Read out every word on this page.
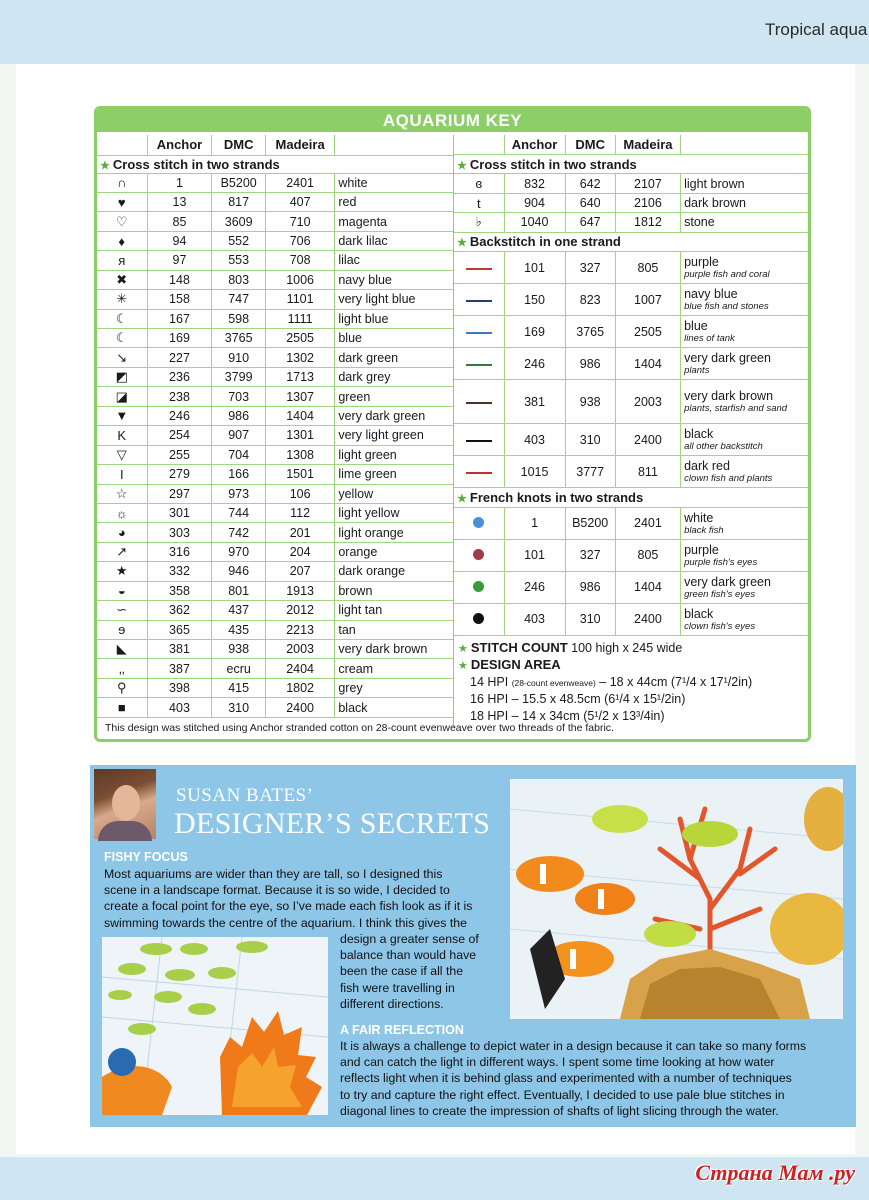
Tropical aqua
AQUARIUM KEY
	Anchor	DMC	Madeira	
★ Cross stitch in two strands				
∩	1	B5200	2401	white
♥	13	817	407	red
♡	85	3609	710	magenta
♦	94	552	706	dark lilac
я	97	553	708	lilac
✖	148	803	1006	navy blue
✳	158	747	1101	very light blue
☾	167	598	1111	light blue
☾	169	3765	2505	blue
↘	227	910	1302	dark green
◩	236	3799	1713	dark grey
◪	238	703	1307	green
▼	246	986	1404	very dark green
K	254	907	1301	very light green
▽	255	704	1308	light green
I	279	166	1501	lime green
☆	297	973	106	yellow
☼	301	744	112	light yellow
◕	303	742	201	light orange
↗	316	970	204	orange
★	332	946	207	dark orange
◒	358	801	1913	brown
∽	362	437	2012	light tan
ɘ	365	435	2213	tan
◣	381	938	2003	very dark brown
‚‚	387	ecru	2404	cream
⚲	398	415	1802	grey
■	403	310	2400	black
	Anchor	DMC	Madeira	
★ Cross stitch in two strands				
ɞ	832	642	2107	light brown
t	904	640	2106	dark brown
♭	1040	647	1812	stone
★ Backstitch in one strand				
	101	327	805	purple
purple fish and coral

	150	823	1007	navy blue
blue fish and stones

	169	3765	2505	blue
lines of tank

	246	986	1404	very dark green
plants

	381	938	2003	very dark brown
plants, starfish and sand

	403	310	2400	black
all other backstitch

	1015	3777	811	dark red
clown fish and plants

★ French knots in two strands				
	1	B5200	2401	white
black fish

	101	327	805	purple
purple fish's eyes

	246	986	1404	very dark green
green fish's eyes

	403	310	2400	black
clown fish's eyes
★ STITCH COUNT 100 high x 245 wide
★ DESIGN AREA
14 HPI (28-count evenweave) – 18 x 44cm (7¹/4 x 17¹/2in)
16 HPI – 15.5 x 48.5cm (6¹/4 x 15¹/2in)
18 HPI – 14 x 34cm (5¹/2 x 13³/4in)
This design was stitched using Anchor stranded cotton on 28-count evenweave over two threads of the fabric.
SUSAN BATES’
DESIGNER’S SECRETS
FISHY FOCUS
Most aquariums are wider than they are tall, so I designed this
scene in a landscape format. Because it is so wide, I decided to
create a focal point for the eye, so I’ve made each fish look as if it is
swimming towards the centre of the aquarium. I think this gives the
design a greater sense of
balance than would have
been the case if all the
fish were travelling in
different directions.
A FAIR REFLECTION
It is always a challenge to depict water in a design because it can take so many forms
and can catch the light in different ways. I spent some time looking at how water
reflects light when it is behind glass and experimented with a number of techniques
to try and capture the right effect. Eventually, I decided to use pale blue stitches in
diagonal lines to create the impression of shafts of light slicing through the water.
Страна Мам .ру
